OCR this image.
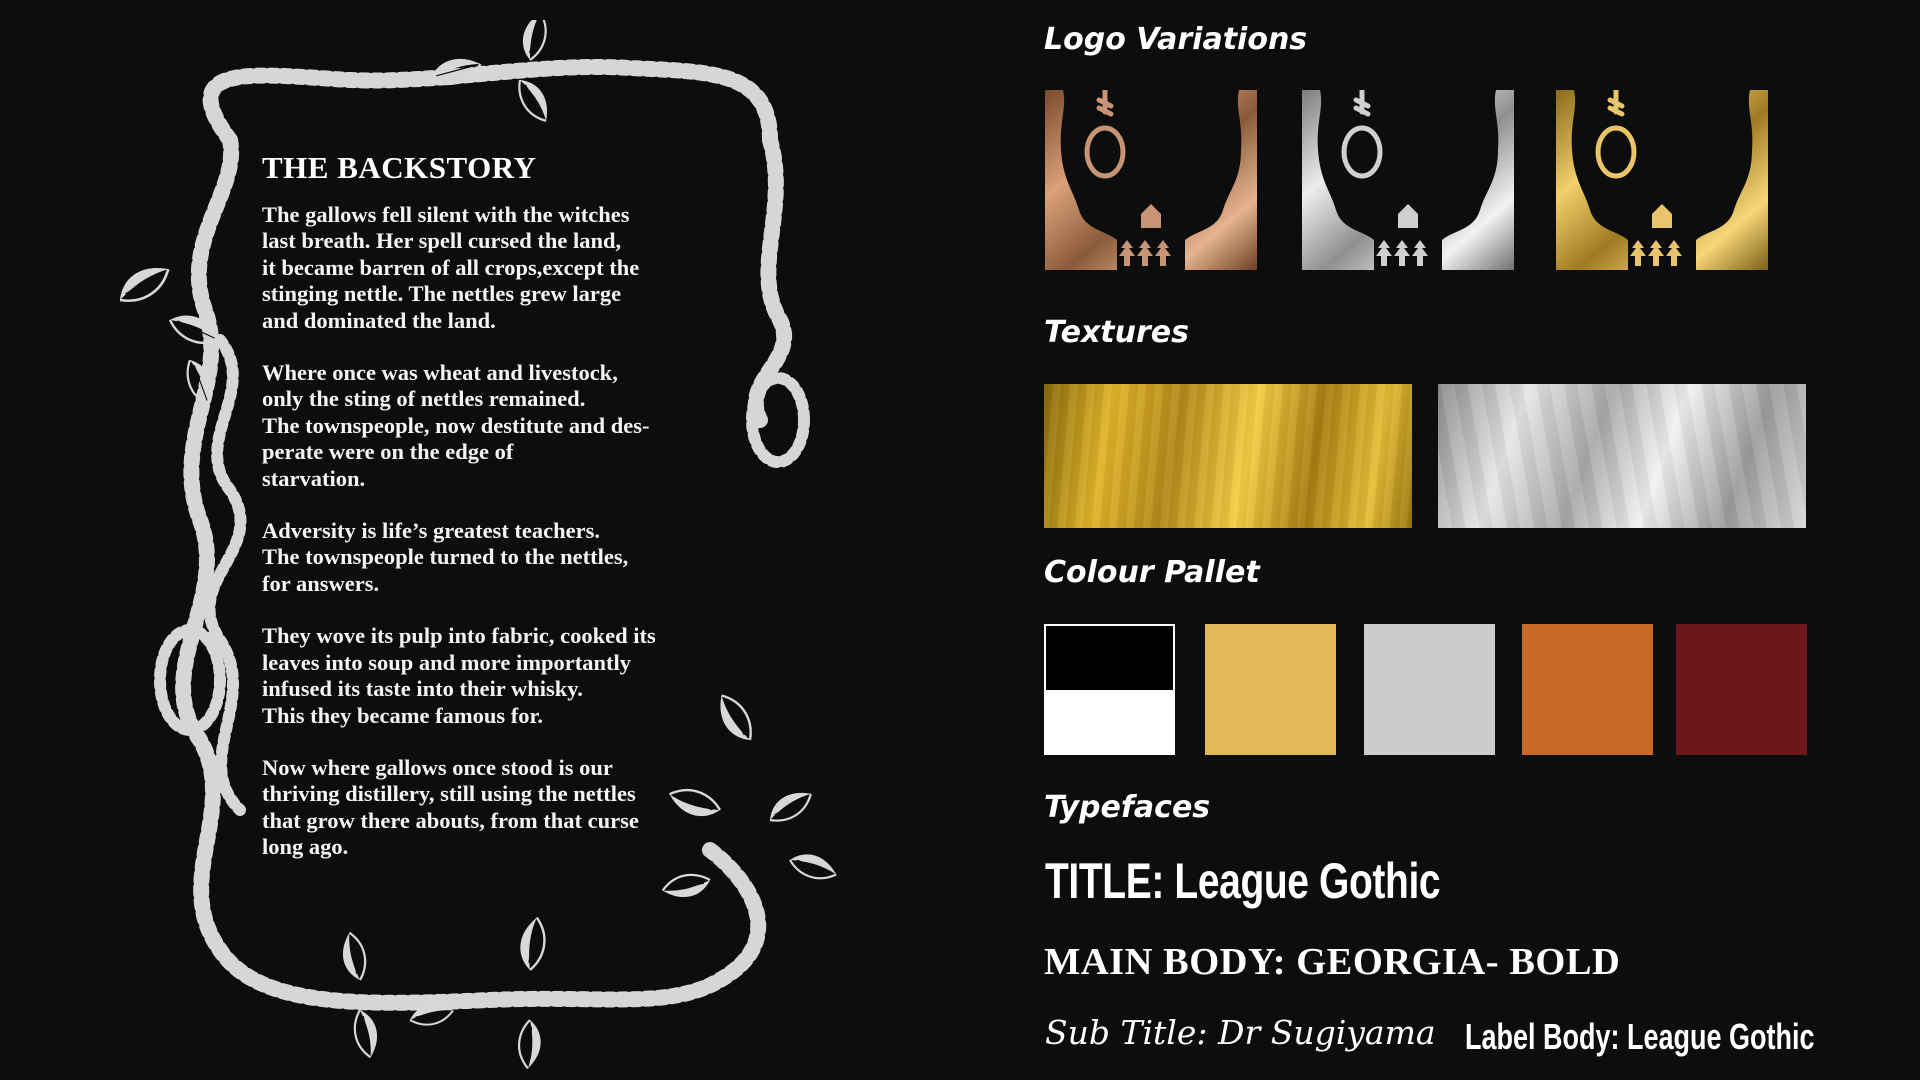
THE BACKSTORY

The gallows fell silent with the witches
last breath. Her spell cursed the land,
it became barren of all crops,except the
stinging nettle. The nettles grew large
and dominated the land.

Where once was wheat and livestock,
only the sting of nettles remained.
The townspeople, now destitute and des-
perate were on the edge of
starvation.

Adversity is life’s greatest teachers.
The townspeople turned to the nettles,
for answers.

They wove its pulp into fabric, cooked its
leaves into soup and more importantly
infused its taste into their whisky.
This they became famous for.

Now where gallows once stood is our
thriving distillery, still using the nettles
that grow there abouts, from that curse
long ago.

Logo Variations
Textures
Colour Pallet
Typefaces
TITLE: League Gothic
MAIN BODY: GEORGIA- BOLD
Sub Title: Dr Sugiyama Label Body: League Gothic
